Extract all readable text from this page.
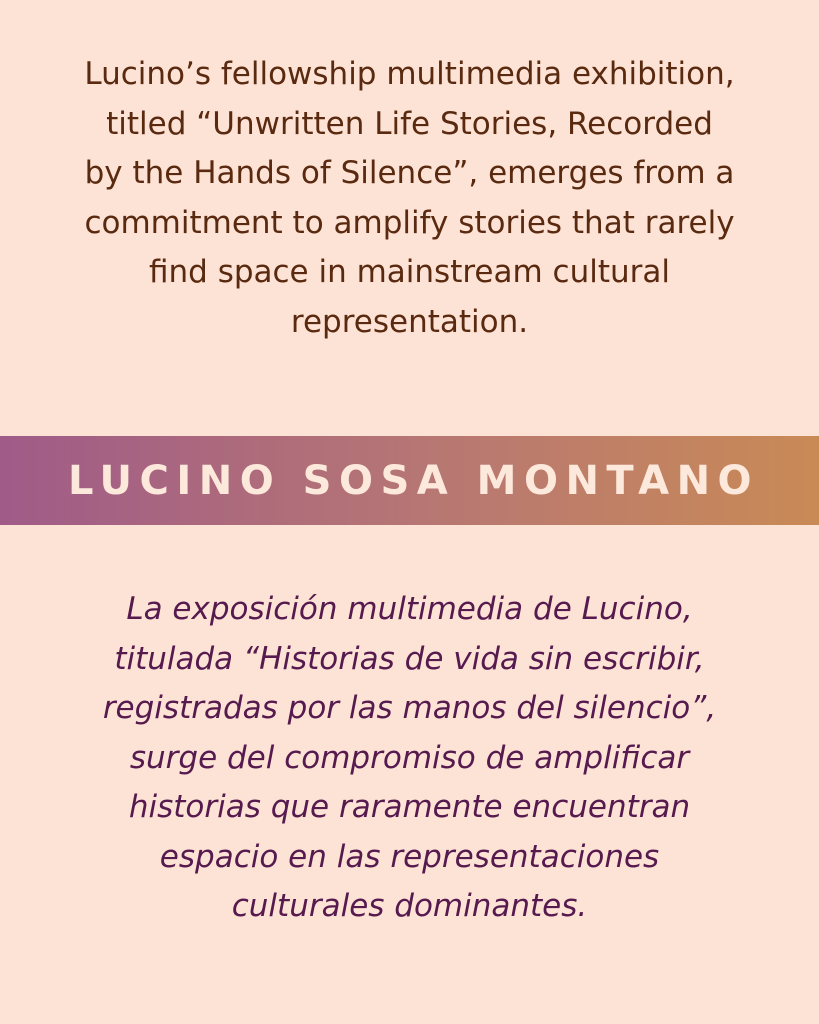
Lucino’s fellowship multimedia exhibition, titled “Unwritten Life Stories, Recorded by the Hands of Silence”, emerges from a commitment to amplify stories that rarely find space in mainstream cultural representation.
LUCINO SOSA MONTANO
La exposición multimedia de Lucino, titulada “Historias de vida sin escribir, registradas por las manos del silencio”, surge del compromiso de amplificar historias que raramente encuentran espacio en las representaciones culturales dominantes.
